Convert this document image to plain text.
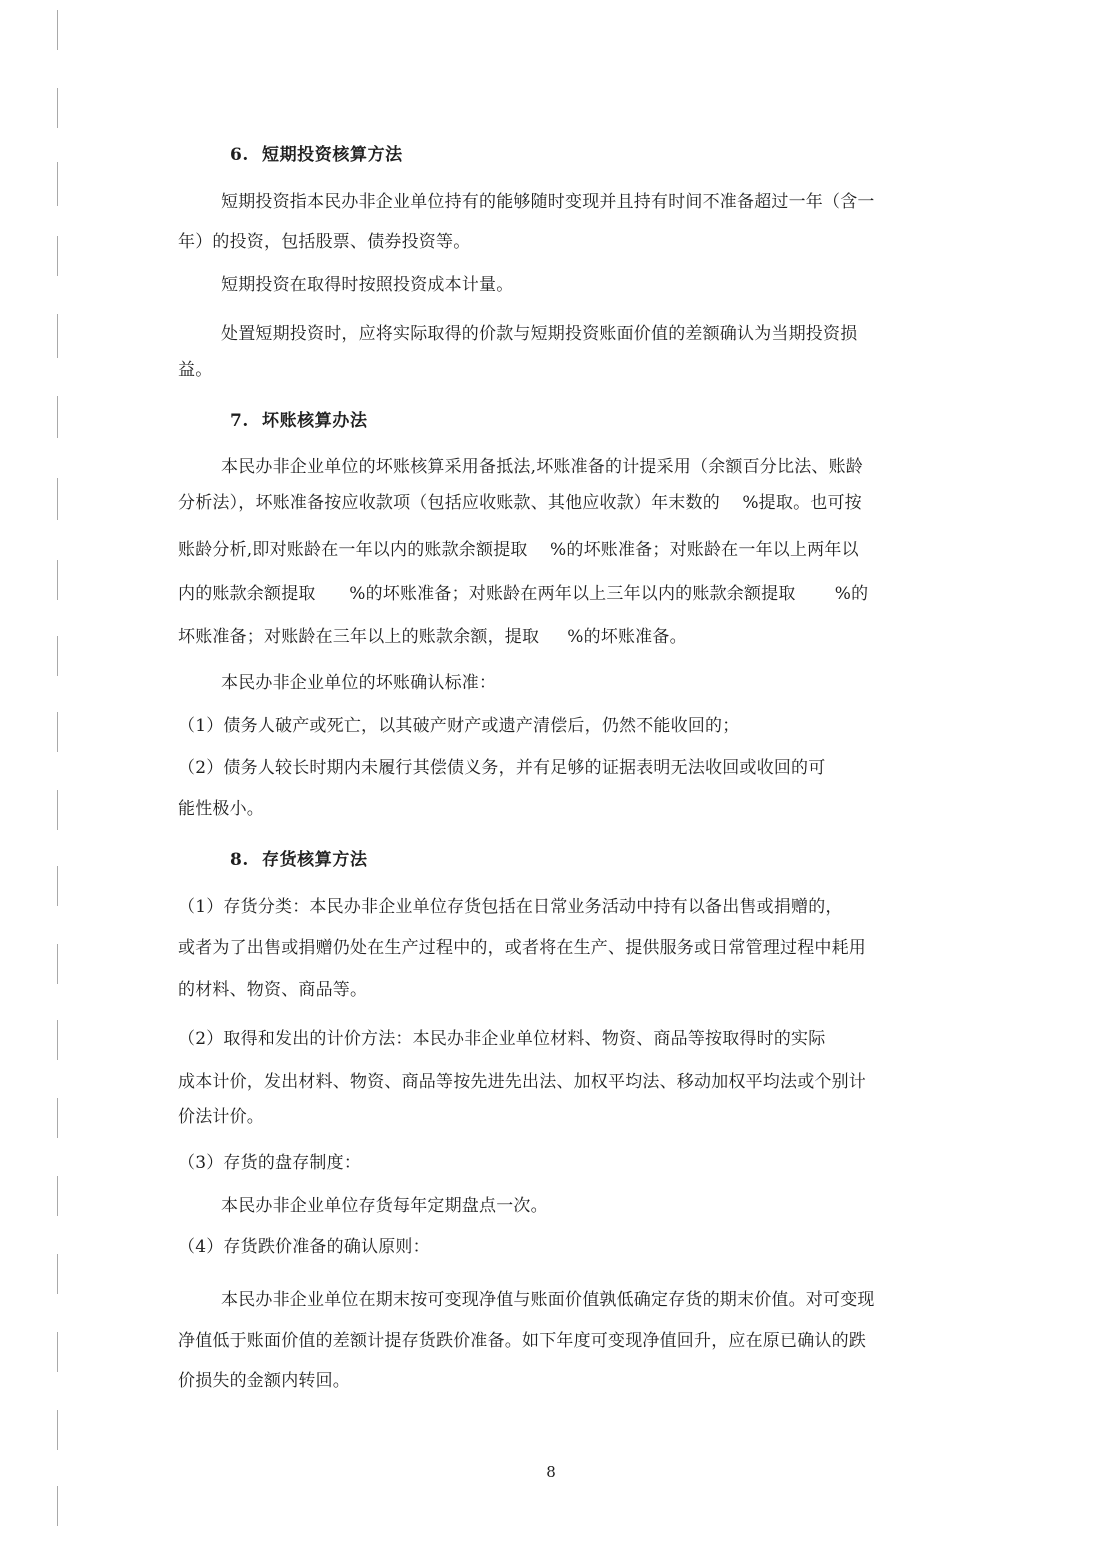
6.  短期投资核算方法

短期投资指本民办非企业单位持有的能够随时变现并且持有时间不准备超过一年（含一

年）的投资，包括股票、债券投资等。

短期投资在取得时按照投资成本计量。

处置短期投资时，应将实际取得的价款与短期投资账面价值的差额确认为当期投资损

益。

7.  坏账核算办法

本民办非企业单位的坏账核算采用备抵法,坏账准备的计提采用（余额百分比法、账龄

分析法），坏账准备按应收款项（包括应收账款、其他应收款）年末数的    %提取。也可按

账龄分析,即对账龄在一年以内的账款余额提取    %的坏账准备；对账龄在一年以上两年以

内的账款余额提取      %的坏账准备；对账龄在两年以上三年以内的账款余额提取       %的

坏账准备；对账龄在三年以上的账款余额，提取     %的坏账准备。

本民办非企业单位的坏账确认标准：

（1）债务人破产或死亡，以其破产财产或遗产清偿后，仍然不能收回的；

（2）债务人较长时期内未履行其偿债义务，并有足够的证据表明无法收回或收回的可

能性极小。

8.  存货核算方法

（1）存货分类：本民办非企业单位存货包括在日常业务活动中持有以备出售或捐赠的，

或者为了出售或捐赠仍处在生产过程中的，或者将在生产、提供服务或日常管理过程中耗用

的材料、物资、商品等。

（2）取得和发出的计价方法：本民办非企业单位材料、物资、商品等按取得时的实际

成本计价，发出材料、物资、商品等按先进先出法、加权平均法、移动加权平均法或个别计

价法计价。

（3）存货的盘存制度：

本民办非企业单位存货每年定期盘点一次。

（4）存货跌价准备的确认原则：

本民办非企业单位在期末按可变现净值与账面价值孰低确定存货的期末价值。对可变现

净值低于账面价值的差额计提存货跌价准备。如下年度可变现净值回升，应在原已确认的跌

价损失的金额内转回。

8
